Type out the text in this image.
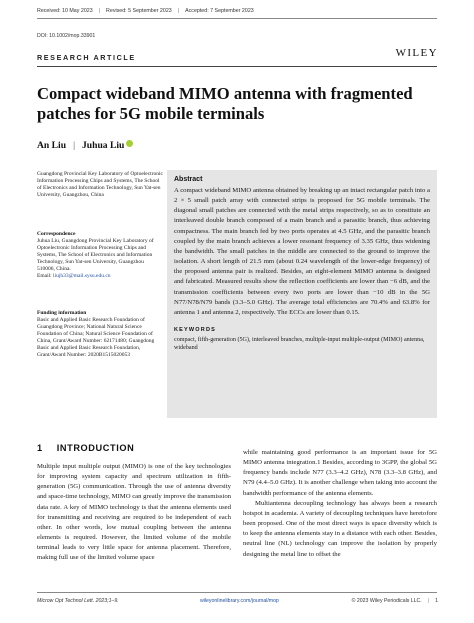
Received: 10 May 2023 | Revised: 5 September 2023 | Accepted: 7 September 2023
DOI: 10.1002/mop.33901
RESEARCH ARTICLE	WILEY
Compact wideband MIMO antenna with fragmented patches for 5G mobile terminals
An Liu | Juhua Liu
Guangdong Provincial Key Laboratory of Optoelectronic Information Processing Chips and Systems, The School of Electronics and Information Technology, Sun Yat-sen University, Guangzhou, China
Correspondence
Juhua Liu, Guangdong Provincial Key Laboratory of Optoelectronic Information Processing Chips and Systems, The School of Electronics and Information Technology, Sun Yat-sen University, Guangzhou 510006, China.
Email: liujh33@mail.sysu.edu.cn
Funding information
Basic and Applied Basic Research Foundation of Guangdong Province; National Natural Science Foundation of China; Natural Science Foundation of China, Grant/Award Number: 62171480; Guangdong Basic and Applied Basic Research Foundation, Grant/Award Number: 2020B1515020053
Abstract
A compact wideband MIMO antenna obtained by breaking up an intact rectangular patch into a 2 × 5 small patch array with connected strips is proposed for 5G mobile terminals. The diagonal small patches are connected with the metal strips respectively, so as to constitute an interleaved double branch composed of a main branch and a parasitic branch, thus achieving compactness. The main branch fed by two ports operates at 4.5 GHz, and the parasitic branch coupled by the main branch achieves a lower resonant frequency of 3.35 GHz, thus widening the bandwidth. The small patches in the middle are connected to the ground to improve the isolation. A short length of 21.5 mm (about 0.24 wavelength of the lower-edge frequency) of the proposed antenna pair is realized. Besides, an eight-element MIMO antenna is designed and fabricated. Measured results show the reflection coefficients are lower than −6 dB, and the transmission coefficients between every two ports are lower than −10 dB in the 5G N77/N78/N79 bands (3.3–5.0 GHz). The average total efficiencies are 70.4% and 63.8% for antenna 1 and antenna 2, respectively. The ECCs are lower than 0.15.
KEYWORDS
compact, fifth-generation (5G), interleaved branches, multiple-input multiple-output (MIMO) antenna, wideband
1 INTRODUCTION

Multiple input multiple output (MIMO) is one of the key technologies for improving system capacity and spectrum utilization in fifth-generation (5G) communication. Through the use of antenna diversity and space-time technology, MIMO can greatly improve the transmission data rate. A key of MIMO technology is that the antenna elements used for transmitting and receiving are required to be independent of each other. In other words, low mutual coupling between the antenna elements is required. However, the limited volume of the mobile terminal leads to very little space for antenna placement. Therefore, making full use of the limited volume space

while maintaining good performance is an important issue for 5G MIMO antenna integration.1 Besides, according to 3GPP, the global 5G frequency bands include N77 (3.3–4.2 GHz), N78 (3.3–3.8 GHz), and N79 (4.4–5.0 GHz). It is another challenge when taking into account the bandwidth performance of the antenna elements.

Multiantenna decoupling technology has always been a research hotspot in academia. A variety of decoupling techniques have heretofore been proposed. One of the most direct ways is space diversity which is to keep the antenna elements stay in a distance with each other. Besides, neutral line (NL) technology can improve the isolation by properly designing the metal line to offset the

Microw Opt Technol Lett. 2023;1–9.	wileyonlinelibrary.com/journal/mop	© 2023 Wiley Periodicals LLC. | 1
